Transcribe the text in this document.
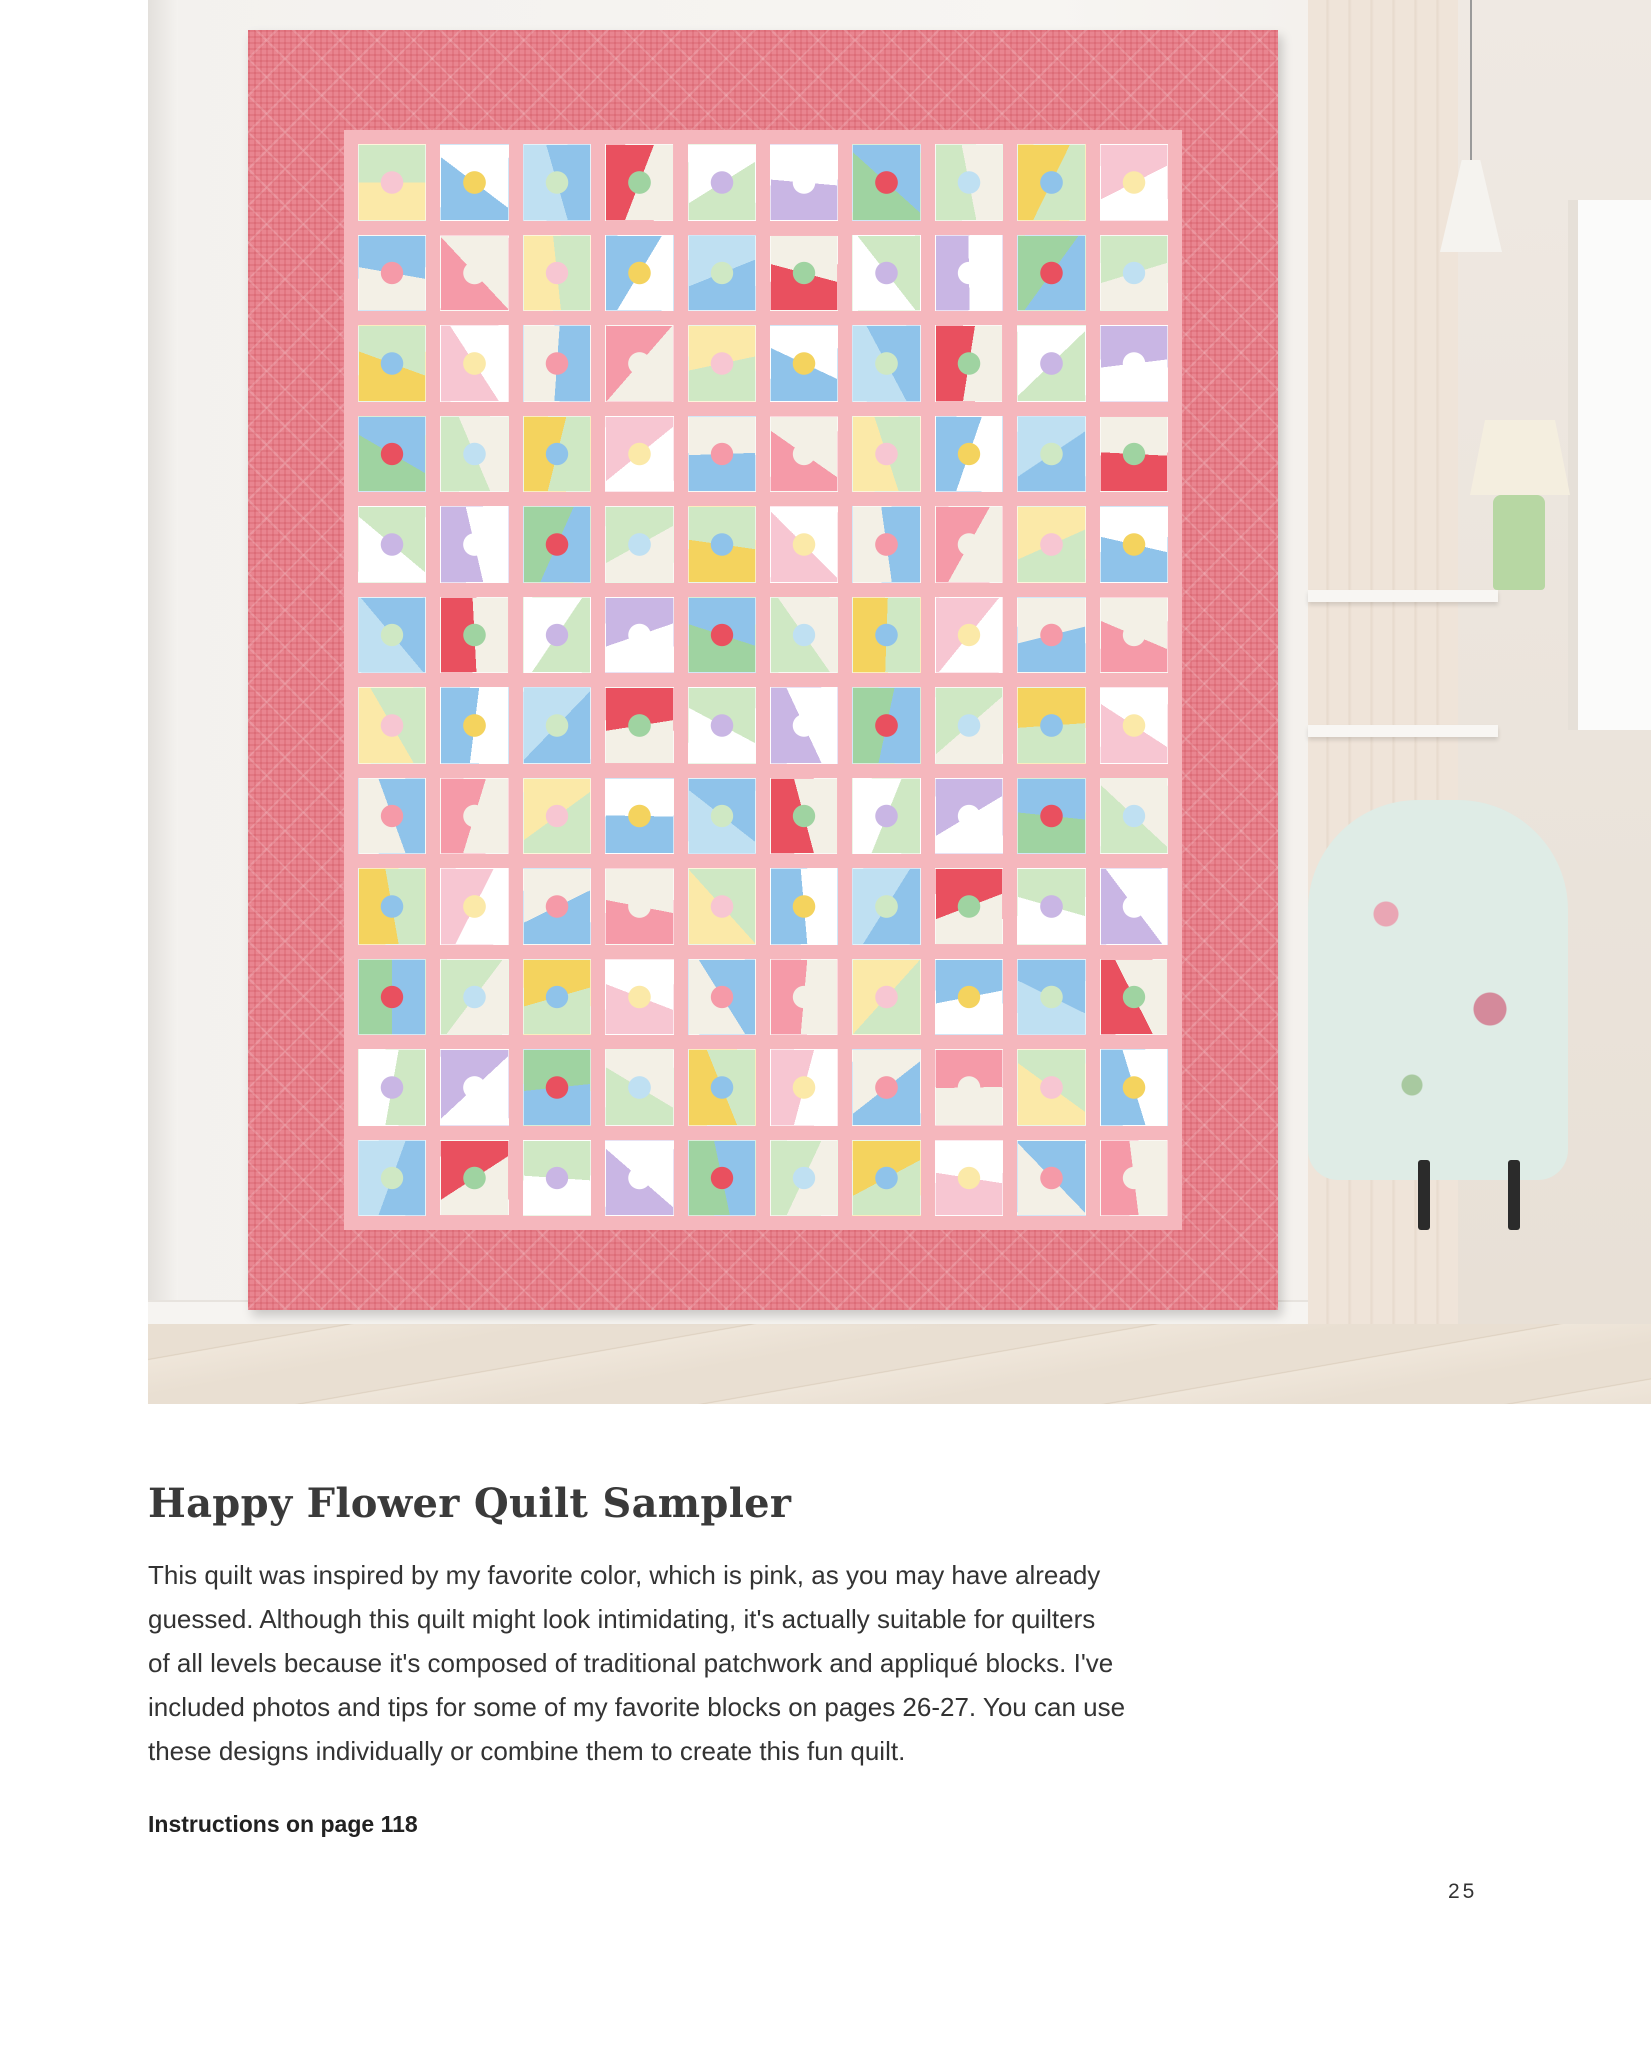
Happy Flower Quilt Sampler

This quilt was inspired by my favorite color, which is pink, as you may have already
guessed. Although this quilt might look intimidating, it's actually suitable for quilters
of all levels because it's composed of traditional patchwork and appliqué blocks. I've
included photos and tips for some of my favorite blocks on pages 26-27. You can use
these designs individually or combine them to create this fun quilt.

Instructions on page 118

25
